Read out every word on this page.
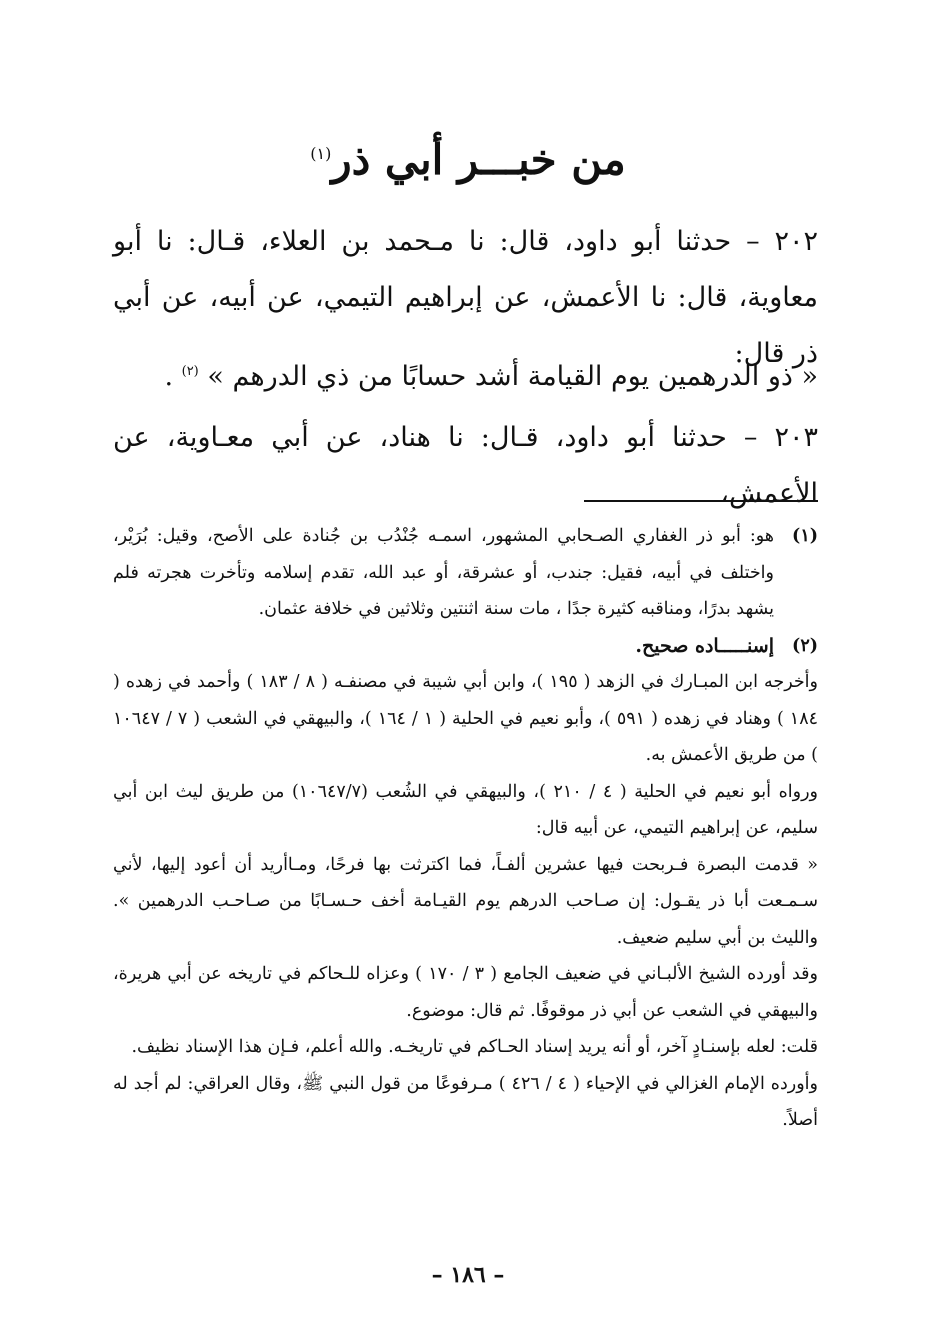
من خبـــر أبي ذر$^{(١)}$

٢٠٢ – حدثنا أبو داود، قال: نا مـحمد بن العلاء، قـال: نا أبو معاوية، قال: نا الأعمش، عن إبراهيم التيمي، عن أبيه، عن أبي ذر قال:

« ذو الدرهمين يوم القيامة أشد حسابًا من ذي الدرهم » $^{(٢)}$ .

٢٠٣ – حدثنا أبو داود، قـال: نا هناد، عن أبي معـاوية، عن الأعمش،

(١)
هو: أبو ذر الغفاري الصـحابي المشهور، اسمـه جُنْدُب بن جُنادة على الأصح، وقيل: بُرَيْر، واختلف في أبيه، فقيل: جندب، أو عشرقة، أو عبد الله، تقدم إسلامه وتأخرت هجرته فلم يشهد بدرًا، ومناقبه كثيرة جدًا ، مات سنة اثنتين وثلاثين في خلافة عثمان.
(٢)
إسنـــــاده صحيح.

وأخرجه ابن المبـارك في الزهد ( ١٩٥ )، وابن أبي شيبة في مصنفـه ( ٨ / ١٨٣ ) وأحمد في زهده ( ١٨٤ ) وهناد في زهده ( ٥٩١ )، وأبو نعيم في الحلية ( ١ / ١٦٤ )، والبيهقي في الشعب ( ٧ / ١٠٦٤٧ ) من طريق الأعمش به.

ورواه أبو نعيم في الحلية ( ٤ / ٢١٠ )، والبيهقي في الشُعب (١٠٦٤٧/٧) من طريق ليث ابن أبي سليم، عن إبراهيم التيمي، عن أبيه قال:

« قدمت البصرة فـربحت فيها عشرين ألفـاً، فما اكترثت بها فرحًا، ومـاأريد أن أعود إليها، لأني سـمـعت أبا ذر يقـول: إن صـاحب الدرهم يوم القيـامة أخف حـسـابًا من صـاحـب الدرهمين ». والليث بن أبي سليم ضعيف.

وقد أورده الشيخ الألبـاني في ضعيف الجامع ( ٣ / ١٧٠ ) وعزاه للـحاكم في تاريخه عن أبي هريرة، والبيهقي في الشعب عن أبي ذر موقوفًا. ثم قال: موضوع.

قلت: لعله بإسنـادٍ آخر، أو أنه يريد إسناد الحـاكم في تاريخـه. والله أعلم، فـإن هذا الإسناد نظيف.

وأورده الإمام الغزالي في الإحياء ( ٤ / ٤٢٦ ) مـرفوعًا من قول النبي ﷺ، وقال العراقي: لم أجد له أصلاً.

– ١٨٦ –
